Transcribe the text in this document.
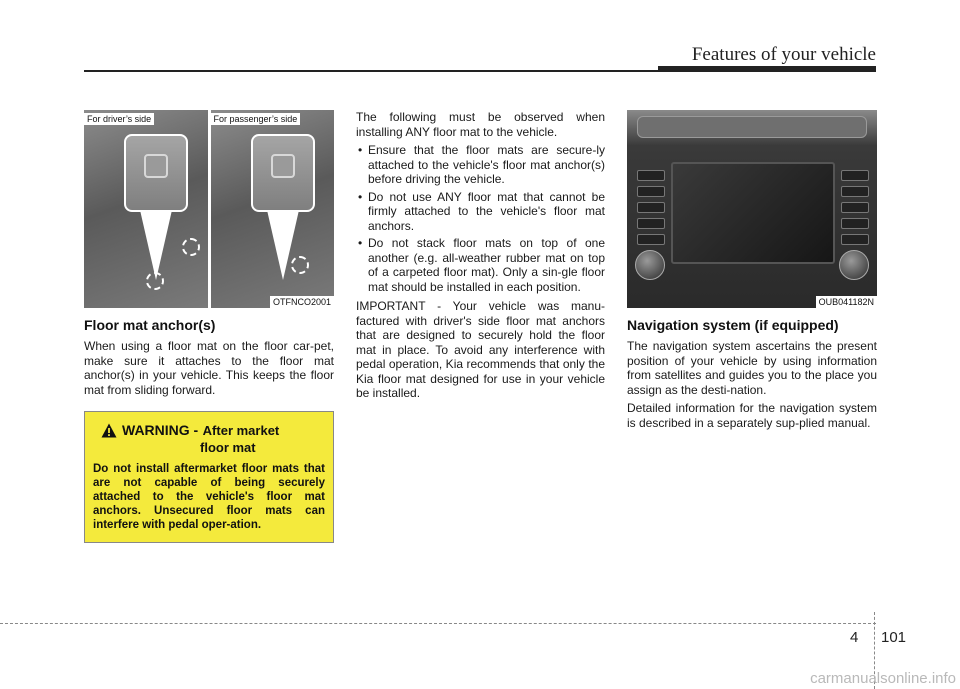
Features of your vehicle
For driver’s side	For passenger’s side
OTFNCO2001
Floor mat anchor(s)

When using a floor mat on the floor car-pet, make sure it attaches to the floor mat anchor(s) in your vehicle. This keeps the floor mat from sliding forward.

WARNING - After market
floor mat

Do not install aftermarket floor mats that are not capable of being securely attached to the vehicle's floor mat anchors. Unsecured floor mats can interfere with pedal oper-ation.

The following must be observed when installing ANY floor mat to the vehicle.

• Ensure that the floor mats are secure-ly attached to the vehicle's floor mat anchor(s) before driving the vehicle.
• Do not use ANY floor mat that cannot be firmly attached to the vehicle's floor mat anchors.
• Do not stack floor mats on top of one another (e.g. all-weather rubber mat on top of a carpeted floor mat). Only a sin-gle floor mat should be installed in each position.

IMPORTANT - Your vehicle was manu-factured with driver's side floor mat anchors that are designed to securely hold the floor mat in place. To avoid any interference with pedal operation, Kia recommends that only the Kia floor mat designed for use in your vehicle be installed.

OUB041182N
Navigation system (if equipped)

The navigation system ascertains the present position of your vehicle by using information from satellites and guides you to the place you assign as the desti-nation.

Detailed information for the navigation system is described in a separately sup-plied manual.

4 101
carmanualsonline.info
